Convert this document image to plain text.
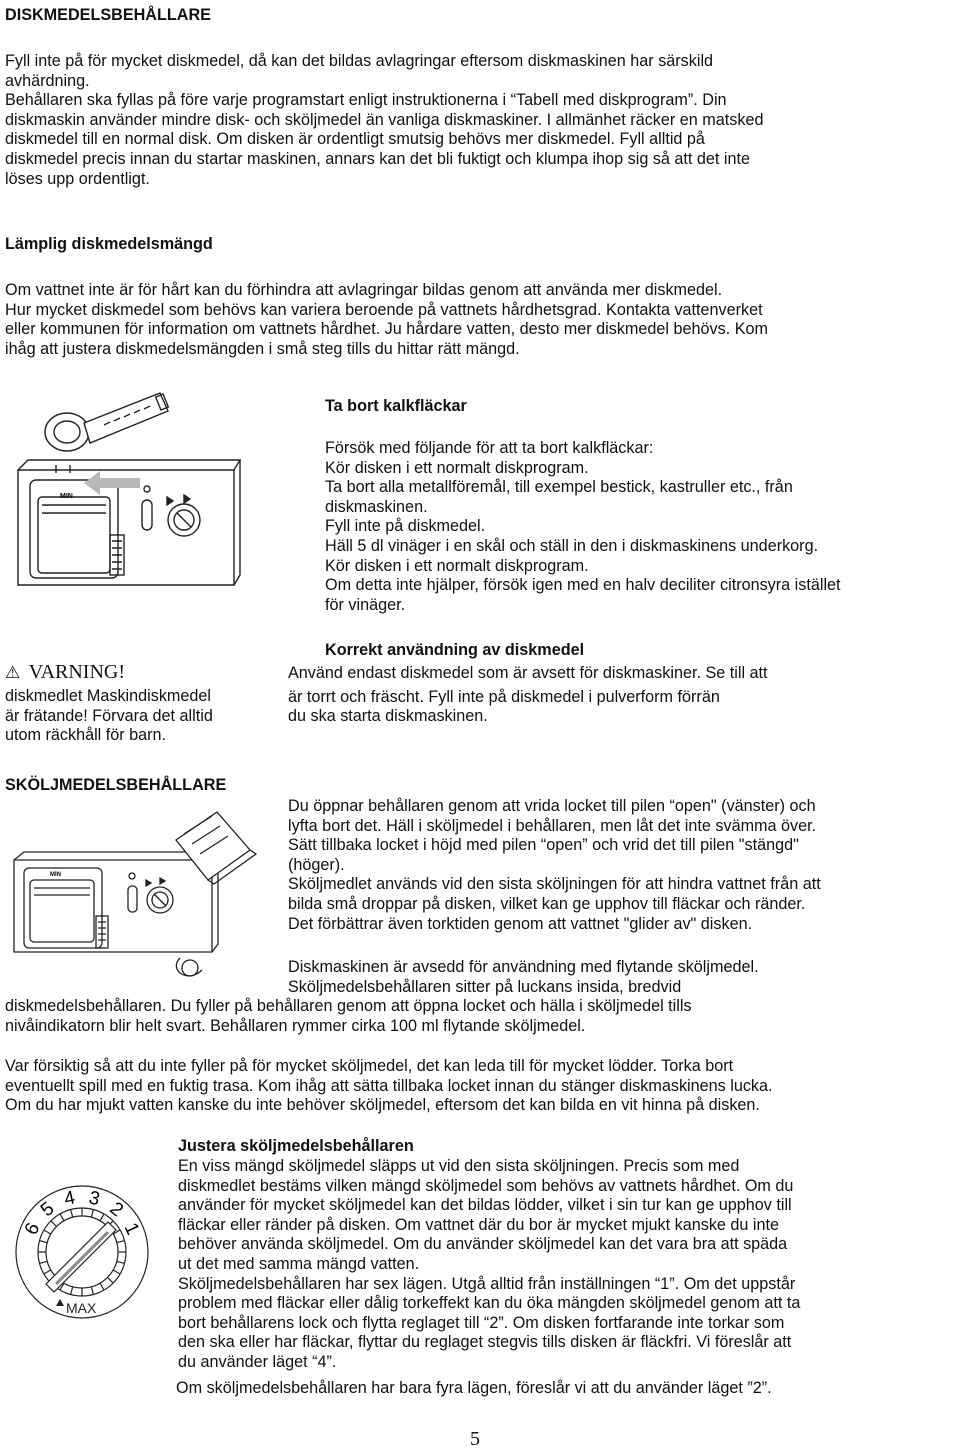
DISKMEDELSBEHÅLLARE
Fyll inte på för mycket diskmedel, då kan det bildas avlagringar eftersom diskmaskinen har särskild
avhärdning.
Behållaren ska fyllas på före varje programstart enligt instruktionerna i “Tabell med diskprogram”. Din
diskmaskin använder mindre disk- och sköljmedel än vanliga diskmaskiner. I allmänhet räcker en matsked
diskmedel till en normal disk. Om disken är ordentligt smutsig behövs mer diskmedel. Fyll alltid på
diskmedel precis innan du startar maskinen, annars kan det bli fuktigt och klumpa ihop sig så att det inte
löses upp ordentligt.
Lämplig diskmedelsmängd
Om vattnet inte är för hårt kan du förhindra att avlagringar bildas genom att använda mer diskmedel.
Hur mycket diskmedel som behövs kan variera beroende på vattnets hårdhetsgrad. Kontakta vattenverket
eller kommunen för information om vattnets hårdhet. Ju hårdare vatten, desto mer diskmedel behövs. Kom
ihåg att justera diskmedelsmängden i små steg tills du hittar rätt mängd.
MIN
Ta bort kalkfläckar
Försök med följande för att ta bort kalkfläckar:
Kör disken i ett normalt diskprogram.
Ta bort alla metallföremål, till exempel bestick, kastruller etc., från
diskmaskinen.
Fyll inte på diskmedel.
Häll 5 dl vinäger i en skål och ställ in den i diskmaskinens underkorg.
Kör disken i ett normalt diskprogram.
Om detta inte hjälper, försök igen med en halv deciliter citronsyra istället
för vinäger.
Korrekt användning av diskmedel
Använd endast diskmedel som är avsett för diskmaskiner. Se till att
är torrt och fräscht. Fyll inte på diskmedel i pulverform förrän
du ska starta diskmaskinen.
⚠ VARNING!
diskmedlet Maskindiskmedel
är frätande! Förvara det alltid
utom räckhåll för barn.
SKÖLJMEDELSBEHÅLLARE
Du öppnar behållaren genom att vrida locket till pilen “open" (vänster) och
lyfta bort det. Häll i sköljmedel i behållaren, men låt det inte svämma över.
Sätt tillbaka locket i höjd med pilen “open” och vrid det till pilen "stängd"
(höger).
Sköljmedlet används vid den sista sköljningen för att hindra vattnet från att
bilda små droppar på disken, vilket kan ge upphov till fläckar och ränder.
Det förbättrar även torktiden genom att vattnet "glider av" disken.
MIN
Diskmaskinen är avsedd för användning med flytande sköljmedel.
Sköljmedelsbehållaren sitter på luckans insida, bredvid
diskmedelsbehållaren. Du fyller på behållaren genom att öppna locket och hälla i sköljmedel tills
nivåindikatorn blir helt svart. Behållaren rymmer cirka 100 ml flytande sköljmedel.
Var försiktig så att du inte fyller på för mycket sköljmedel, det kan leda till för mycket lödder. Torka bort
eventuellt spill med en fuktig trasa. Kom ihåg att sätta tillbaka locket innan du stänger diskmaskinens lucka.
Om du har mjukt vatten kanske du inte behöver sköljmedel, eftersom det kan bilda en vit hinna på disken.
6
5 4 3 2
1
MAX
Justera sköljmedelsbehållaren
En viss mängd sköljmedel släpps ut vid den sista sköljningen. Precis som med
diskmedlet bestäms vilken mängd sköljmedel som behövs av vattnets hårdhet. Om du
använder för mycket sköljmedel kan det bildas lödder, vilket i sin tur kan ge upphov till
fläckar eller ränder på disken. Om vattnet där du bor är mycket mjukt kanske du inte
behöver använda sköljmedel. Om du använder sköljmedel kan det vara bra att späda
ut det med samma mängd vatten.
Sköljmedelsbehållaren har sex lägen. Utgå alltid från inställningen “1”. Om det uppstår
problem med fläckar eller dålig torkeffekt kan du öka mängden sköljmedel genom att ta
bort behållarens lock och flytta reglaget till “2”. Om disken fortfarande inte torkar som
den ska eller har fläckar, flyttar du reglaget stegvis tills disken är fläckfri. Vi föreslår att
du använder läget “4”.
Om sköljmedelsbehållaren har bara fyra lägen, föreslår vi att du använder läget ”2”.
5
